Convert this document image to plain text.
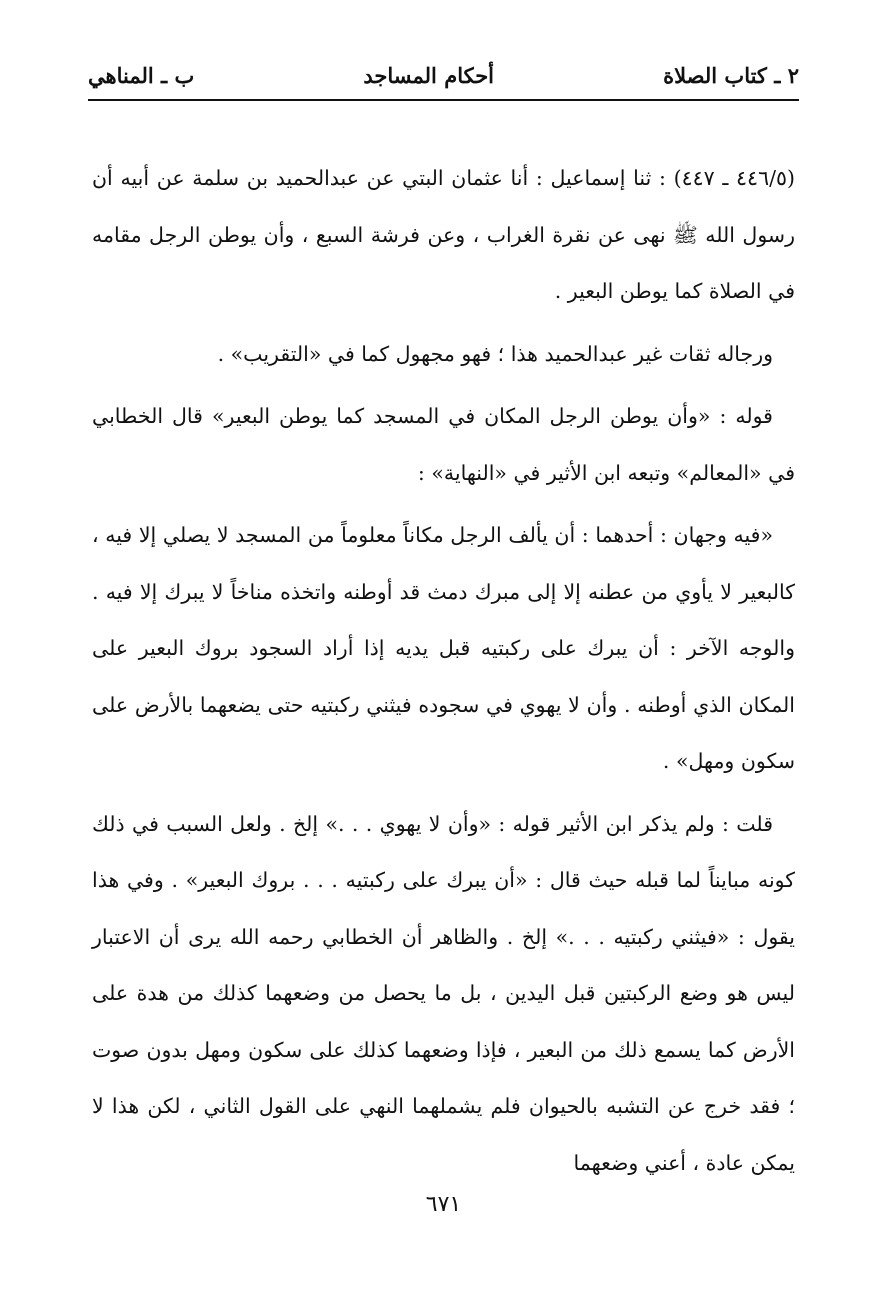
٢ ـ كتاب الصلاة
أحكام المساجد
ب ـ المناهي

(٤٤٦/٥ ـ ٤٤٧) : ثنا إسماعيل : أنا عثمان البتي عن عبدالحميد بن سلمة عن أبيه أن رسول الله ﷺ نهى عن نقرة الغراب ، وعن فرشة السبع ، وأن يوطن الرجل مقامه في الصلاة كما يوطن البعير .

ورجاله ثقات غير عبدالحميد هذا ؛ فهو مجهول كما في «التقريب» .

قوله : «وأن يوطن الرجل المكان في المسجد كما يوطن البعير» قال الخطابي في «المعالم» وتبعه ابن الأثير في «النهاية» :

«فيه وجهان : أحدهما : أن يألف الرجل مكاناً معلوماً من المسجد لا يصلي إلا فيه ، كالبعير لا يأوي من عطنه إلا إلى مبرك دمث قد أوطنه واتخذه مناخاً لا يبرك إلا فيه . والوجه الآخر : أن يبرك على ركبتيه قبل يديه إذا أراد السجود بروك البعير على المكان الذي أوطنه . وأن لا يهوي في سجوده فيثني ركبتيه حتى يضعهما بالأرض على سكون ومهل» .

قلت : ولم يذكر ابن الأثير قوله : «وأن لا يهوي . . .» إلخ . ولعل السبب في ذلك كونه مبايناً لما قبله حيث قال : «أن يبرك على ركبتيه . . . بروك البعير» . وفي هذا يقول : «فيثني ركبتيه . . .» إلخ . والظاهر أن الخطابي رحمه الله يرى أن الاعتبار ليس هو وضع الركبتين قبل اليدين ، بل ما يحصل من وضعهما كذلك من هدة على الأرض كما يسمع ذلك من البعير ، فإذا وضعهما كذلك على سكون ومهل بدون صوت ؛ فقد خرج عن التشبه بالحيوان فلم يشملهما النهي على القول الثاني ، لكن هذا لا يمكن عادة ، أعني وضعهما

٦٧١
